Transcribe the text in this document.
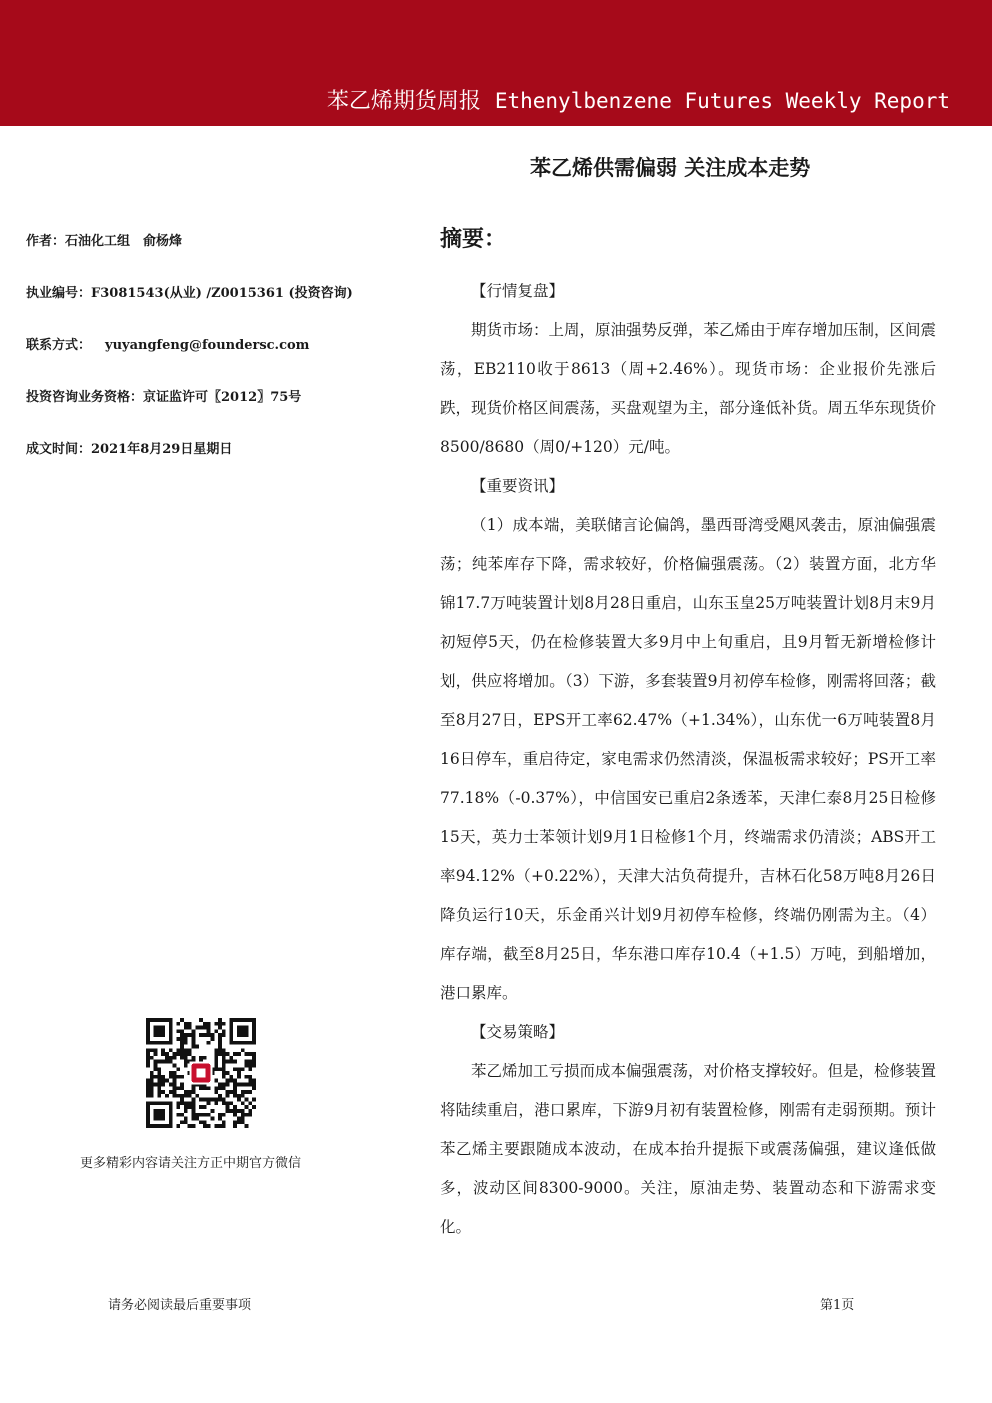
苯乙烯期货周报 Ethenylbenzene Futures Weekly Report
苯乙烯供需偏弱 关注成本走势
作者：石油化工组　俞杨烽
执业编号：F3081543(从业) /Z0015361 (投资咨询)
联系方式： yuyangfeng@foundersc.com
投资咨询业务资格：京证监许可〖2012〗75号
成文时间：2021年8月29日星期日
更多精彩内容请关注方正中期官方微信
摘要：
【行情复盘】

期货市场：上周，原油强势反弹，苯乙烯由于库存增加压制，区间震荡，EB2110收于8613（周+2.46%）。现货市场：企业报价先涨后跌，现货价格区间震荡，买盘观望为主，部分逢低补货。周五华东现货价8500/8680（周0/+120）元/吨。

【重要资讯】

（1）成本端，美联储言论偏鸽，墨西哥湾受飓风袭击，原油偏强震荡；纯苯库存下降，需求较好，价格偏强震荡。（2）装置方面，北方华锦17.7万吨装置计划8月28日重启，山东玉皇25万吨装置计划8月末9月初短停5天，仍在检修装置大多9月中上旬重启，且9月暂无新增检修计划，供应将增加。（3）下游，多套装置9月初停车检修，刚需将回落；截至8月27日，EPS开工率62.47%（+1.34%），山东优一6万吨装置8月16日停车，重启待定，家电需求仍然清淡，保温板需求较好；PS开工率77.18%（-0.37%），中信国安已重启2条透苯，天津仁泰8月25日检修15天，英力士苯领计划9月1日检修1个月，终端需求仍清淡；ABS开工率94.12%（+0.22%），天津大沽负荷提升，吉林石化58万吨8月26日降负运行10天，乐金甬兴计划9月初停车检修，终端仍刚需为主。（4）库存端，截至8月25日，华东港口库存10.4（+1.5）万吨，到船增加，港口累库。

【交易策略】

苯乙烯加工亏损而成本偏强震荡，对价格支撑较好。但是，检修装置将陆续重启，港口累库，下游9月初有装置检修，刚需有走弱预期。预计苯乙烯主要跟随成本波动，在成本抬升提振下或震荡偏强，建议逢低做多，波动区间8300-9000。关注，原油走势、装置动态和下游需求变化。

请务必阅读最后重要事项	第1页
